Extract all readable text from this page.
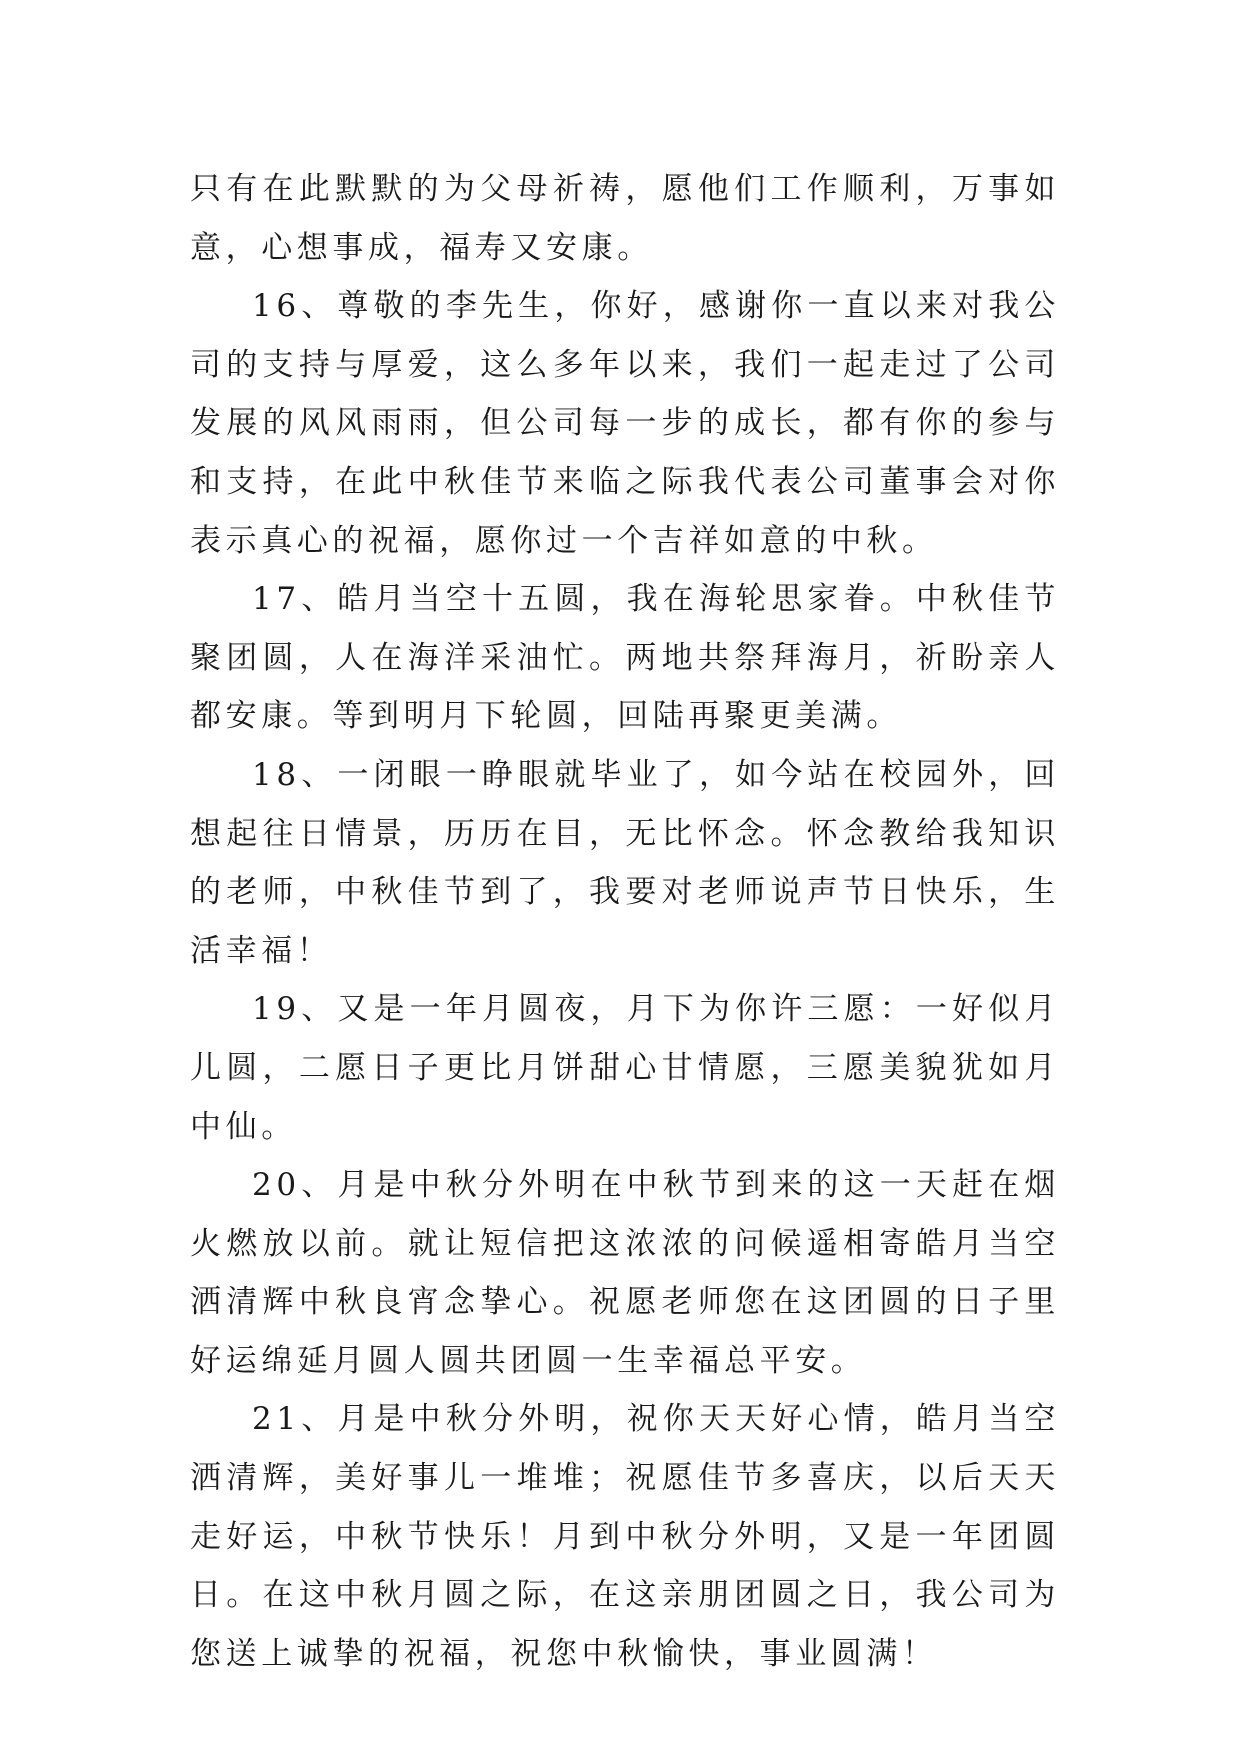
只有在此默默的为父母祈祷，愿他们工作顺利，万事如意，心想事成，福寿又安康。

16、尊敬的李先生，你好，感谢你一直以来对我公司的支持与厚爱，这么多年以来，我们一起走过了公司发展的风风雨雨，但公司每一步的成长，都有你的参与和支持，在此中秋佳节来临之际我代表公司董事会对你表示真心的祝福，愿你过一个吉祥如意的中秋。

17、皓月当空十五圆，我在海轮思家眷。中秋佳节聚团圆，人在海洋采油忙。两地共祭拜海月，祈盼亲人都安康。等到明月下轮圆，回陆再聚更美满。

18、一闭眼一睁眼就毕业了，如今站在校园外，回想起往日情景，历历在目，无比怀念。怀念教给我知识的老师，中秋佳节到了，我要对老师说声节日快乐，生活幸福！

19、又是一年月圆夜，月下为你许三愿：一好似月儿圆，二愿日子更比月饼甜心甘情愿，三愿美貌犹如月中仙。

20、月是中秋分外明在中秋节到来的这一天赶在烟火燃放以前。就让短信把这浓浓的问候遥相寄皓月当空洒清辉中秋良宵念挚心。祝愿老师您在这团圆的日子里好运绵延月圆人圆共团圆一生幸福总平安。

21、月是中秋分外明，祝你天天好心情，皓月当空洒清辉，美好事儿一堆堆；祝愿佳节多喜庆，以后天天走好运，中秋节快乐！月到中秋分外明，又是一年团圆日。在这中秋月圆之际，在这亲朋团圆之日，我公司为您送上诚挚的祝福，祝您中秋愉快，事业圆满！
